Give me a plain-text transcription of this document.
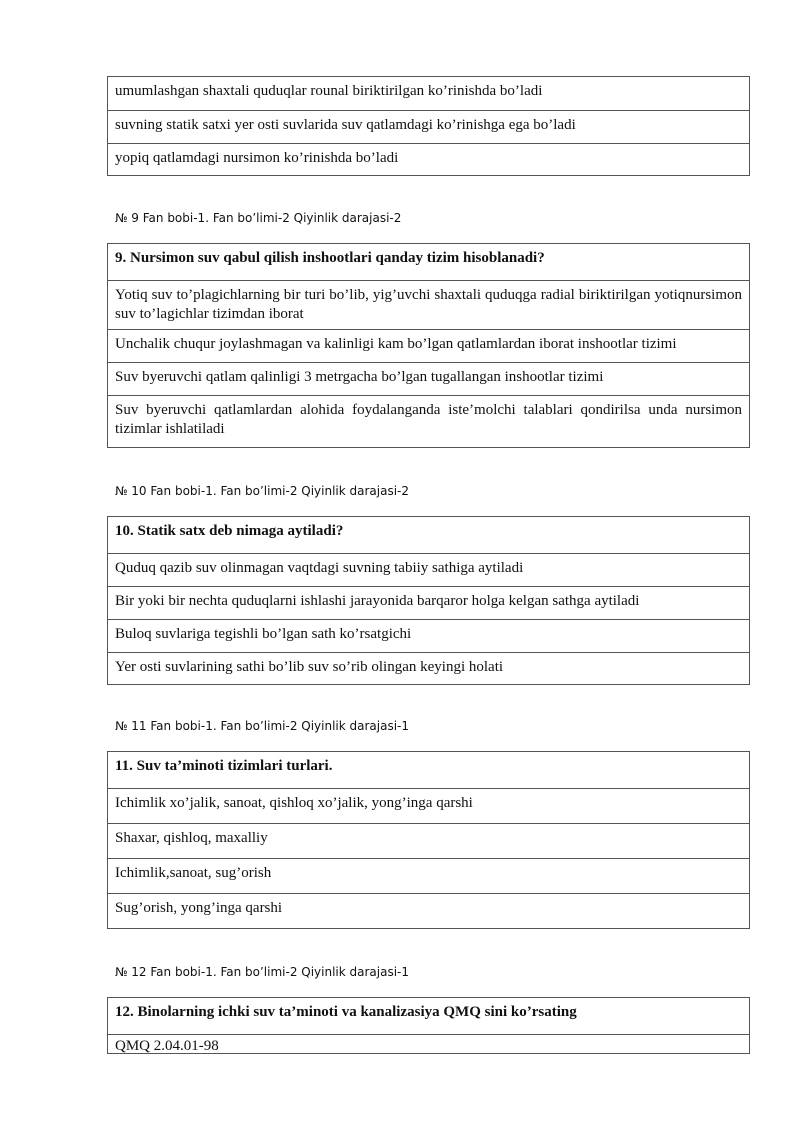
umumlashgan shaxtali quduqlar rounal biriktirilgan ko’rinishda bo’ladi
suvning statik satxi yer osti suvlarida suv qatlamdagi ko’rinishga ega bo’ladi
yopiq qatlamdagi nursimon ko’rinishda bo’ladi
№ 9 Fan bobi-1. Fan bo’limi-2 Qiyinlik darajasi-2
9. Nursimon suv qabul qilish inshootlari qanday tizim hisoblanadi?
Yotiq suv to’plagichlarning bir turi bo’lib, yig’uvchi shaxtali quduqga radial biriktirilgan yotiqnursimon suv to’lagichlar tizimdan iborat
Unchalik chuqur joylashmagan va kalinligi kam bo’lgan qatlamlardan iborat inshootlar tizimi
Suv byeruvchi qatlam qalinligi 3 metrgacha bo’lgan tugallangan inshootlar tizimi
Suv byeruvchi qatlamlardan alohida foydalanganda iste’molchi talablari qondirilsa unda nursimon tizimlar ishlatiladi
№ 10 Fan bobi-1. Fan bo’limi-2 Qiyinlik darajasi-2
10. Statik satx deb nimaga aytiladi?
Quduq qazib suv olinmagan vaqtdagi suvning tabiiy sathiga aytiladi
Bir yoki bir nechta quduqlarni ishlashi jarayonida barqaror holga kelgan sathga aytiladi
Buloq suvlariga tegishli bo’lgan sath ko’rsatgichi
Yer osti suvlarining sathi bo’lib suv so’rib olingan keyingi holati
№ 11 Fan bobi-1. Fan bo’limi-2 Qiyinlik darajasi-1
11. Suv ta’minoti tizimlari turlari.
Ichimlik xo’jalik, sanoat, qishloq xo’jalik, yong’inga qarshi
Shaxar, qishloq, maxalliy
Ichimlik,sanoat, sug’orish
Sug’orish, yong’inga qarshi
№ 12 Fan bobi-1. Fan bo’limi-2 Qiyinlik darajasi-1
12. Binolarning ichki suv ta’minoti va kanalizasiya QMQ sini ko’rsating
QMQ 2.04.01-98
